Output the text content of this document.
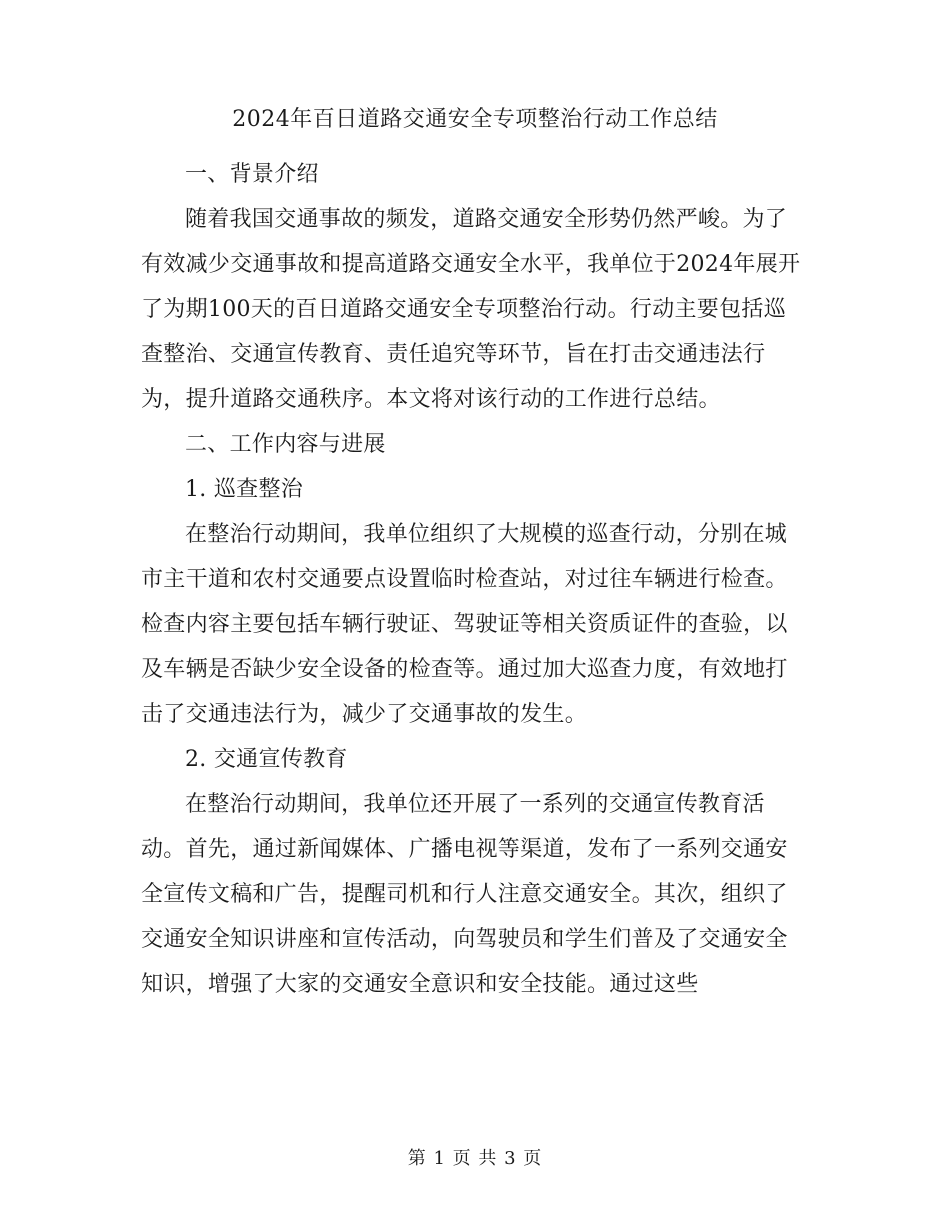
2024年百日道路交通安全专项整治行动工作总结

一、背景介绍

随着我国交通事故的频发，道路交通安全形势仍然严峻。为了有效减少交通事故和提高道路交通安全水平，我单位于2024年展开了为期100天的百日道路交通安全专项整治行动。行动主要包括巡查整治、交通宣传教育、责任追究等环节，旨在打击交通违法行为，提升道路交通秩序。本文将对该行动的工作进行总结。

二、工作内容与进展

1. 巡查整治

在整治行动期间，我单位组织了大规模的巡查行动，分别在城市主干道和农村交通要点设置临时检查站，对过往车辆进行检查。检查内容主要包括车辆行驶证、驾驶证等相关资质证件的查验，以及车辆是否缺少安全设备的检查等。通过加大巡查力度，有效地打击了交通违法行为，减少了交通事故的发生。

2. 交通宣传教育

在整治行动期间，我单位还开展了一系列的交通宣传教育活动。首先，通过新闻媒体、广播电视等渠道，发布了一系列交通安全宣传文稿和广告，提醒司机和行人注意交通安全。其次，组织了交通安全知识讲座和宣传活动，向驾驶员和学生们普及了交通安全知识，增强了大家的交通安全意识和安全技能。通过这些

第 1 页 共 3 页
